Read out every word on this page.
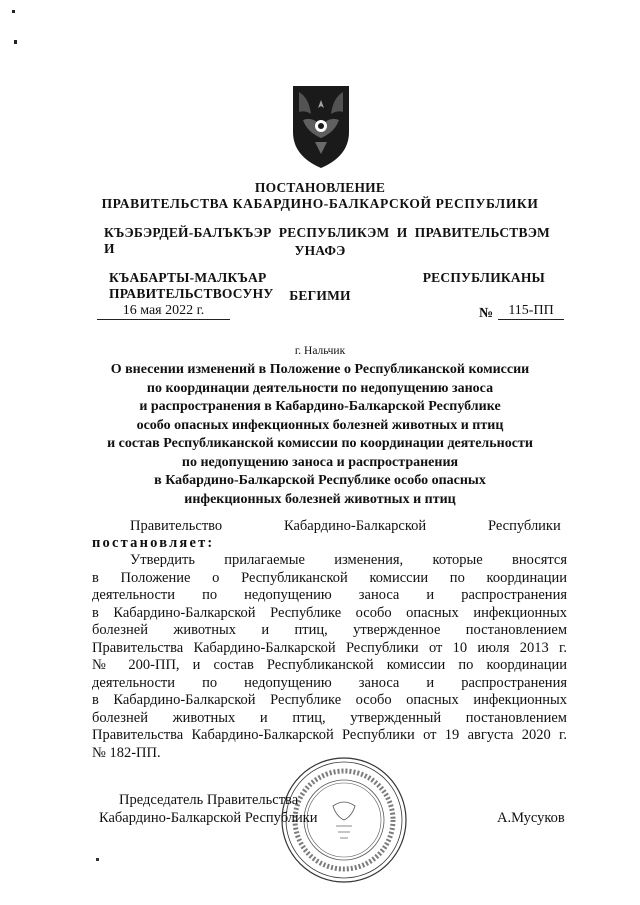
ПОСТАНОВЛЕНИЕ
ПРАВИТЕЛЬСТВА КАБАРДИНО-БАЛКАРСКОЙ РЕСПУБЛИКИ
КЪЭБЭРДЕЙ-БАЛЪКЪЭР РЕСПУБЛИКЭМ И ПРАВИТЕЛЬСТВЭМ И	УНАФЭ
КЪАБАРТЫ-МАЛКЪАР РЕСПУБЛИКАНЫ ПРАВИТЕЛЬСТВОСУНУ	БЕГИМИ
16 мая 2022 г.	№	115-ПП
г. Нальчик
О внесении изменений в Положение о Республиканской комиссии
по координации деятельности по недопущению заноса
и распространения в Кабардино-Балкарской Республике
особо опасных инфекционных болезней животных и птиц
и состав Республиканской комиссии по координации деятельности
по недопущению заноса и распространения
в Кабардино-Балкарской Республике особо опасных
инфекционных болезней животных и птиц
Правительство	Кабардино-Балкарской	Республики
постановляет:
Утвердить прилагаемые изменения, которые вносятся
в Положение о Республиканской комиссии по координации
деятельности по недопущению заноса и распространения
в Кабардино-Балкарской Республике особо опасных инфекционных
болезней животных и птиц, утвержденное постановлением
Правительства Кабардино-Балкарской Республики от 10 июля 2013 г.
№ 200-ПП, и состав Республиканской комиссии по координации
деятельности по недопущению заноса и распространения
в Кабардино-Балкарской Республике особо опасных инфекционных
болезней животных и птиц, утвержденный постановлением
Правительства Кабардино-Балкарской Республики от 19 августа 2020 г.
№ 182-ПП.
Председатель Правительства
Кабардино-Балкарской Республики	А.Мусуков
